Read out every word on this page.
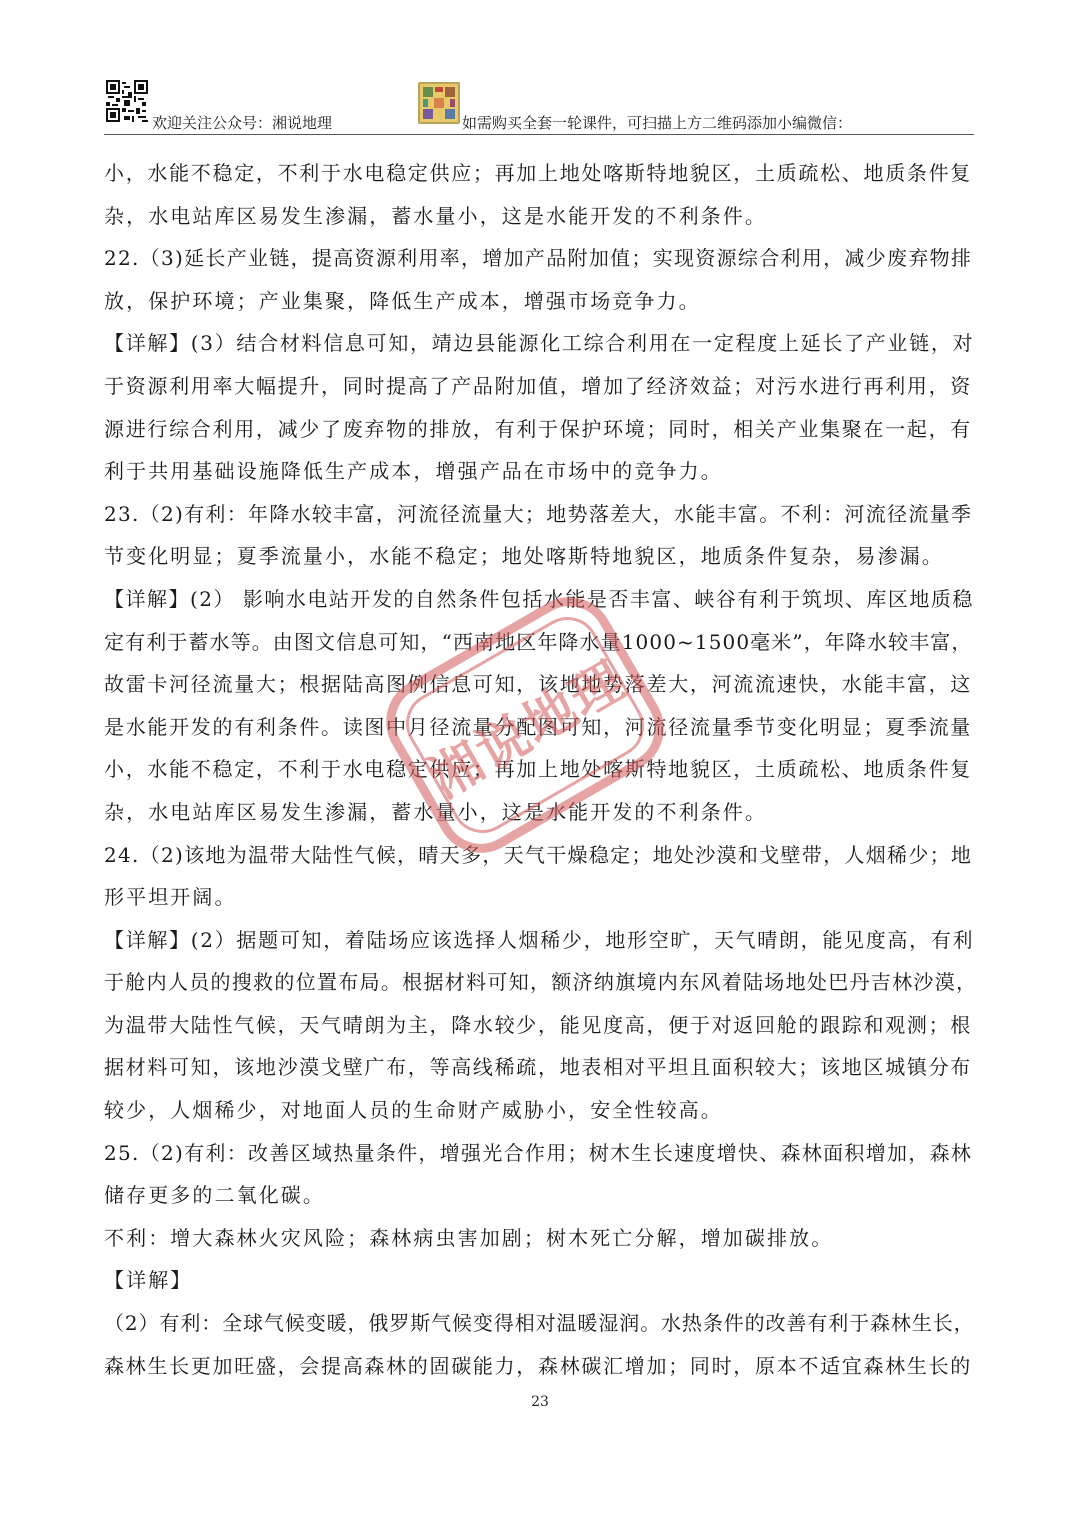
欢迎关注公众号：湘说地理	如需购买全套一轮课件，可扫描上方二维码添加小编微信：
小，水能不稳定，不利于水电稳定供应；再加上地处喀斯特地貌区，土质疏松、地质条件复
杂，水电站库区易发生渗漏，蓄水量小，这是水能开发的不利条件。
22.（3)延长产业链，提高资源利用率，增加产品附加值；实现资源综合利用，减少废弃物排
放，保护环境；产业集聚，降低生产成本，增强市场竞争力。
【详解】(3）结合材料信息可知，靖边县能源化工综合利用在一定程度上延长了产业链，对
于资源利用率大幅提升，同时提高了产品附加值，增加了经济效益；对污水进行再利用，资
源进行综合利用，减少了废弃物的排放，有利于保护环境；同时，相关产业集聚在一起，有
利于共用基础设施降低生产成本，增强产品在市场中的竞争力。
23.（2)有利：年降水较丰富，河流径流量大；地势落差大，水能丰富。不利：河流径流量季
节变化明显；夏季流量小，水能不稳定；地处喀斯特地貌区，地质条件复杂，易渗漏。
【详解】(2） 影响水电站开发的自然条件包括水能是否丰富、峡谷有利于筑坝、库区地质稳
定有利于蓄水等。由图文信息可知，“西南地区年降水量1000~1500毫米”，年降水较丰富，
故雷卡河径流量大；根据陆高图例信息可知，该地地势落差大，河流流速快，水能丰富，这
是水能开发的有利条件。读图中月径流量分配图可知，河流径流量季节变化明显；夏季流量
小，水能不稳定，不利于水电稳定供应；再加上地处喀斯特地貌区，土质疏松、地质条件复
杂，水电站库区易发生渗漏，蓄水量小，这是水能开发的不利条件。
24.（2)该地为温带大陆性气候，晴天多，天气干燥稳定；地处沙漠和戈壁带，人烟稀少；地
形平坦开阔。
【详解】(2）据题可知，着陆场应该选择人烟稀少，地形空旷，天气晴朗，能见度高，有利
于舱内人员的搜救的位置布局。根据材料可知，额济纳旗境内东风着陆场地处巴丹吉林沙漠，
为温带大陆性气候，天气晴朗为主，降水较少，能见度高，便于对返回舱的跟踪和观测；根
据材料可知，该地沙漠戈壁广布，等高线稀疏，地表相对平坦且面积较大；该地区城镇分布
较少，人烟稀少，对地面人员的生命财产威胁小，安全性较高。
25.（2)有利：改善区域热量条件，增强光合作用；树木生长速度增快、森林面积增加，森林
储存更多的二氧化碳。
不利：增大森林火灾风险；森林病虫害加剧；树木死亡分解，增加碳排放。
【详解】
（2）有利：全球气候变暖，俄罗斯气候变得相对温暖湿润。水热条件的改善有利于森林生长，
森林生长更加旺盛，会提高森林的固碳能力，森林碳汇增加；同时，原本不适宜森林生长的
湘说地理
23
